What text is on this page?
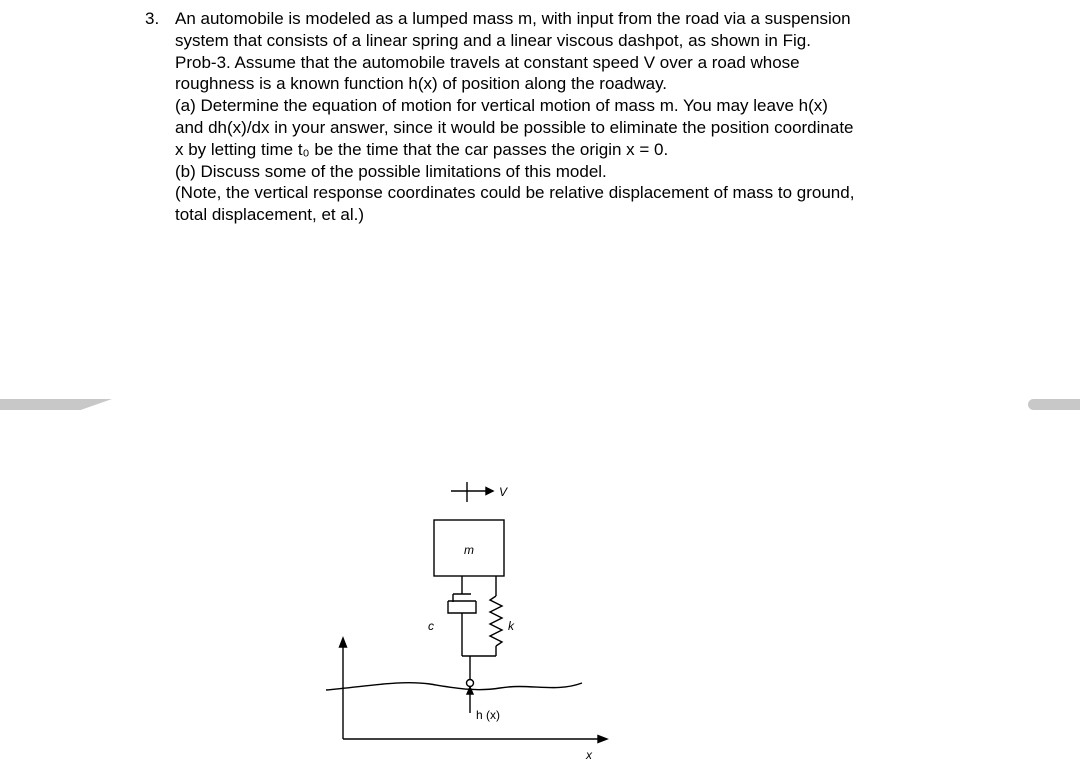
3. An automobile is modeled as a lumped mass m, with input from the road via a suspension
system that consists of a linear spring and a linear viscous dashpot, as shown in Fig.
Prob-3. Assume that the automobile travels at constant speed V over a road whose
roughness is a known function h(x) of position along the roadway.
(a) Determine the equation of motion for vertical motion of mass m. You may leave h(x)
and dh(x)/dx in your answer, since it would be possible to eliminate the position coordinate
x by letting time t₀ be the time that the car passes the origin x = 0.
(b) Discuss some of the possible limitations of this model.
(Note, the vertical response coordinates could be relative displacement of mass to ground,
total displacement, et al.)
V
m
c	k
h (x)
x
